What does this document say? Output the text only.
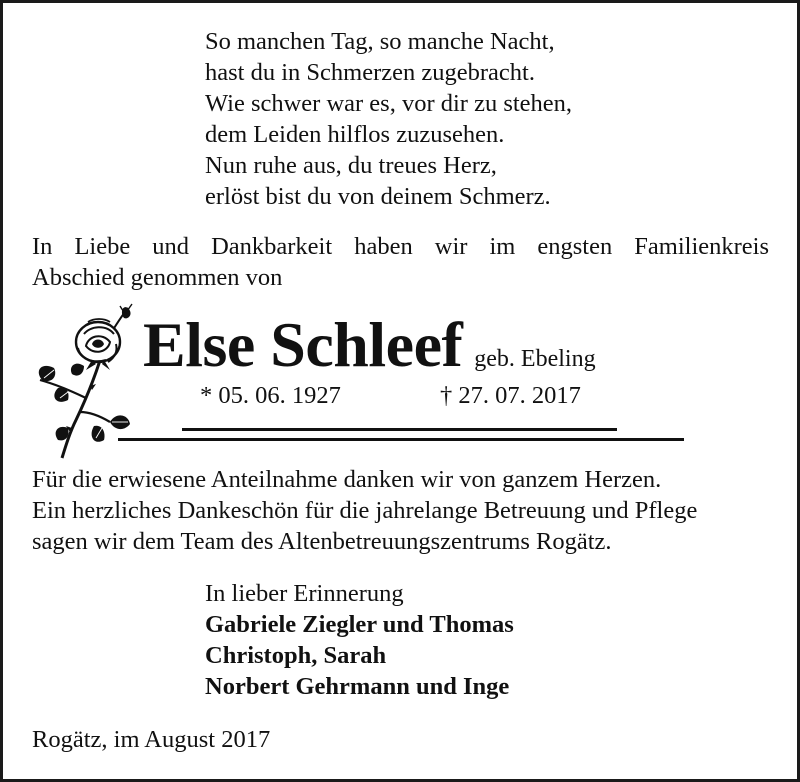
So manchen Tag, so manche Nacht,
hast du in Schmerzen zugebracht.
Wie schwer war es, vor dir zu stehen,
dem Leiden hilflos zuzusehen.
Nun ruhe aus, du treues Herz,
erlöst bist du von deinem Schmerz.
In Liebe und Dankbarkeit haben wir im engsten Familienkreis
Abschied genommen von
Else Schleef geb. Ebeling
* 05. 06. 1927	† 27. 07. 2017
Für die erwiesene Anteilnahme danken wir von ganzem Herzen.
Ein herzliches Dankeschön für die jahrelange Betreuung und Pflege
sagen wir dem Team des Altenbetreuungszentrums Rogätz.
In lieber Erinnerung
Gabriele Ziegler und Thomas
Christoph, Sarah
Norbert Gehrmann und Inge
Rogätz, im August 2017
